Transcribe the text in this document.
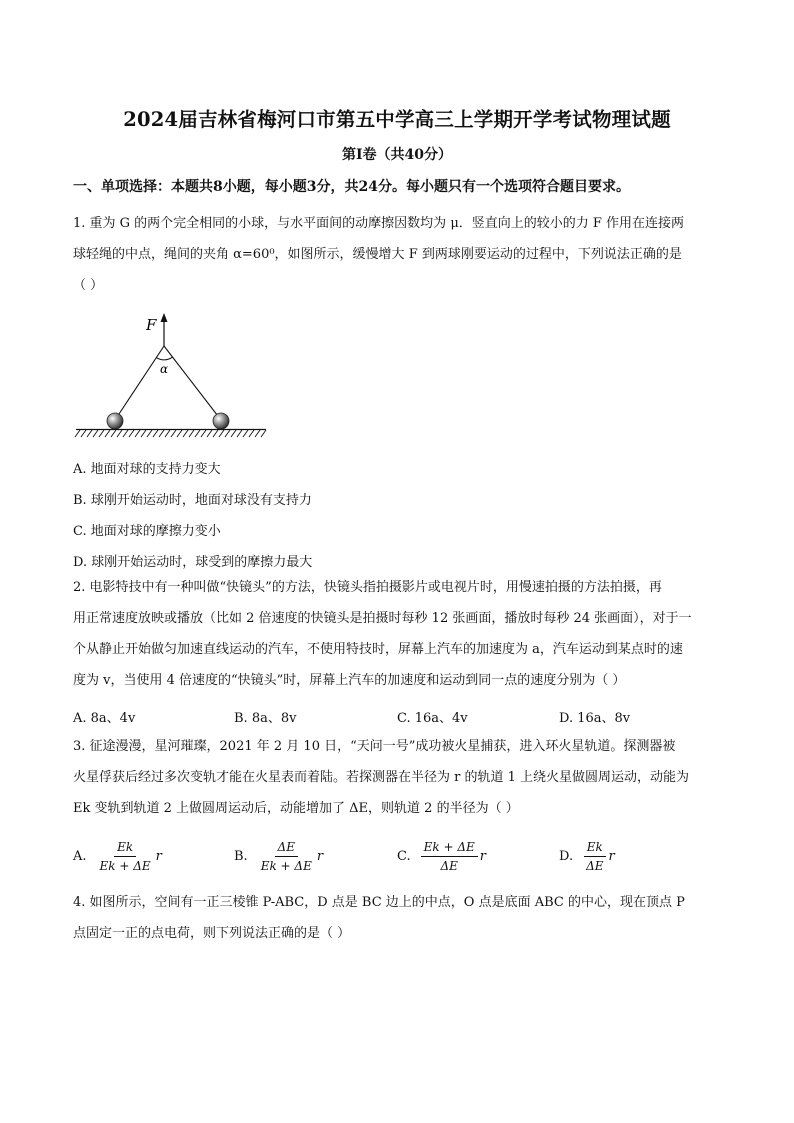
2024届吉林省梅河口市第五中学高三上学期开学考试物理试题
第Ⅰ卷（共40分）
一、单项选择：本题共8小题，每小题3分，共24分。每小题只有一个选项符合题目要求。
1. 重为 G 的两个完全相同的小球，与水平面间的动摩擦因数均为 μ．竖直向上的较小的力 F 作用在连接两
球轻绳的中点，绳间的夹角 α=60⁰，如图所示，缓慢增大 F 到两球刚要运动的过程中，下列说法正确的是
（ ）
F
α
A. 地面对球的支持力变大
B. 球刚开始运动时，地面对球没有支持力
C. 地面对球的摩擦力变小
D. 球刚开始运动时，球受到的摩擦力最大
2. 电影特技中有一种叫做“快镜头”的方法，快镜头指拍摄影片或电视片时，用慢速拍摄的方法拍摄，再
用正常速度放映或播放（比如 2 倍速度的快镜头是拍摄时每秒 12 张画面，播放时每秒 24 张画面），对于一
个从静止开始做匀加速直线运动的汽车，不使用特技时，屏幕上汽车的加速度为 a，汽车运动到某点时的速
度为 v，当使用 4 倍速度的“快镜头”时，屏幕上汽车的加速度和运动到同一点的速度分别为（ ）
A. 8a、4v	B. 8a、8v	C. 16a、4v	D. 16a、8v
3. 征途漫漫，星河璀璨，2021 年 2 月 10 日，“天问一号”成功被火星捕获，进入环火星轨道。探测器被
火星俘获后经过多次变轨才能在火星表而着陆。若探测器在半径为 r 的轨道 1 上绕火星做圆周运动，动能为
Ek 变轨到轨道 2 上做圆周运动后，动能增加了 ΔE，则轨道 2 的半径为（ ）
A. $\frac{Ek}{Ek + \Delta E}$ r	B. $\frac{\Delta E}{Ek + \Delta E}$ r	C. $\frac{Ek + \Delta E}{\Delta E}$ r	D. $\frac{Ek}{\Delta E}$ r
4. 如图所示，空间有一正三棱锥 P-ABC，D 点是 BC 边上的中点，O 点是底面 ABC 的中心，现在顶点 P
点固定一正的点电荷，则下列说法正确的是（ ）
